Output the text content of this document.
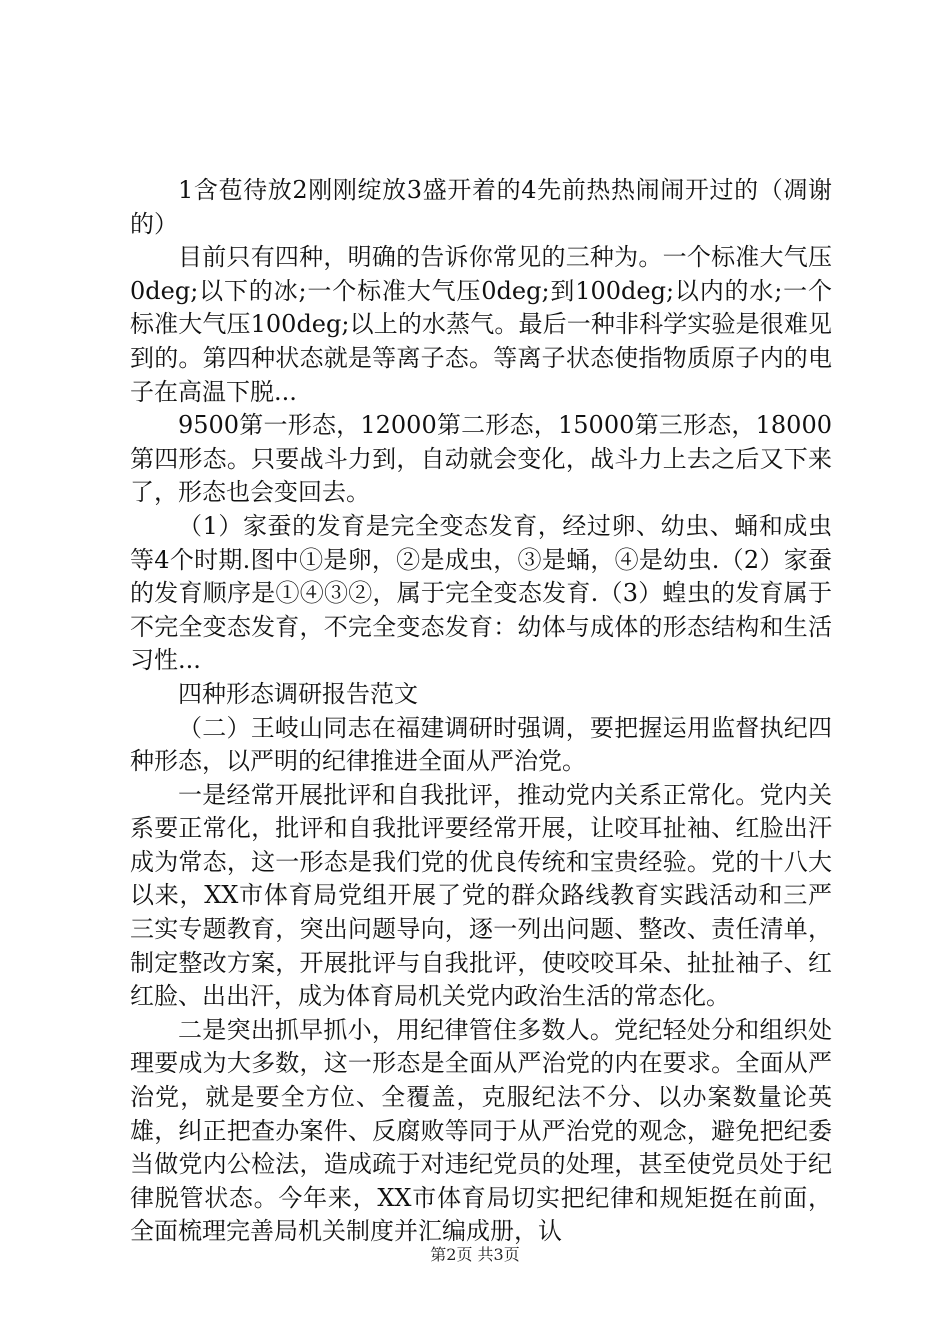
1含苞待放2刚刚绽放3盛开着的4先前热热闹闹开过的（凋谢的）

目前只有四种，明确的告诉你常见的三种为。一个标准大气压0deg;以下的冰;一个标准大气压0deg;到100deg;以内的水;一个标准大气压100deg;以上的水蒸气。最后一种非科学实验是很难见到的。第四种状态就是等离子态。等离子状态使指物质原子内的电子在高温下脱...

9500第一形态，12000第二形态，15000第三形态，18000第四形态。只要战斗力到，自动就会变化，战斗力上去之后又下来了，形态也会变回去。

（1）家蚕的发育是完全变态发育，经过卵、幼虫、蛹和成虫等4个时期.图中①是卵，②是成虫，③是蛹，④是幼虫.（2）家蚕的发育顺序是①④③②，属于完全变态发育.（3）蝗虫的发育属于不完全变态发育，不完全变态发育：幼体与成体的形态结构和生活习性...

四种形态调研报告范文

（二）王岐山同志在福建调研时强调，要把握运用监督执纪四种形态，以严明的纪律推进全面从严治党。

一是经常开展批评和自我批评，推动党内关系正常化。党内关系要正常化，批评和自我批评要经常开展，让咬耳扯袖、红脸出汗成为常态，这一形态是我们党的优良传统和宝贵经验。党的十八大以来，XX市体育局党组开展了党的群众路线教育实践活动和三严三实专题教育，突出问题导向，逐一列出问题、整改、责任清单，制定整改方案，开展批评与自我批评，使咬咬耳朵、扯扯袖子、红红脸、出出汗，成为体育局机关党内政治生活的常态化。

二是突出抓早抓小，用纪律管住多数人。党纪轻处分和组织处理要成为大多数，这一形态是全面从严治党的内在要求。全面从严治党，就是要全方位、全覆盖，克服纪法不分、以办案数量论英雄，纠正把查办案件、反腐败等同于从严治党的观念，避免把纪委当做党内公检法，造成疏于对违纪党员的处理，甚至使党员处于纪律脱管状态。今年来，XX市体育局切实把纪律和规矩挺在前面，全面梳理完善局机关制度并汇编成册，认

第2页 共3页
